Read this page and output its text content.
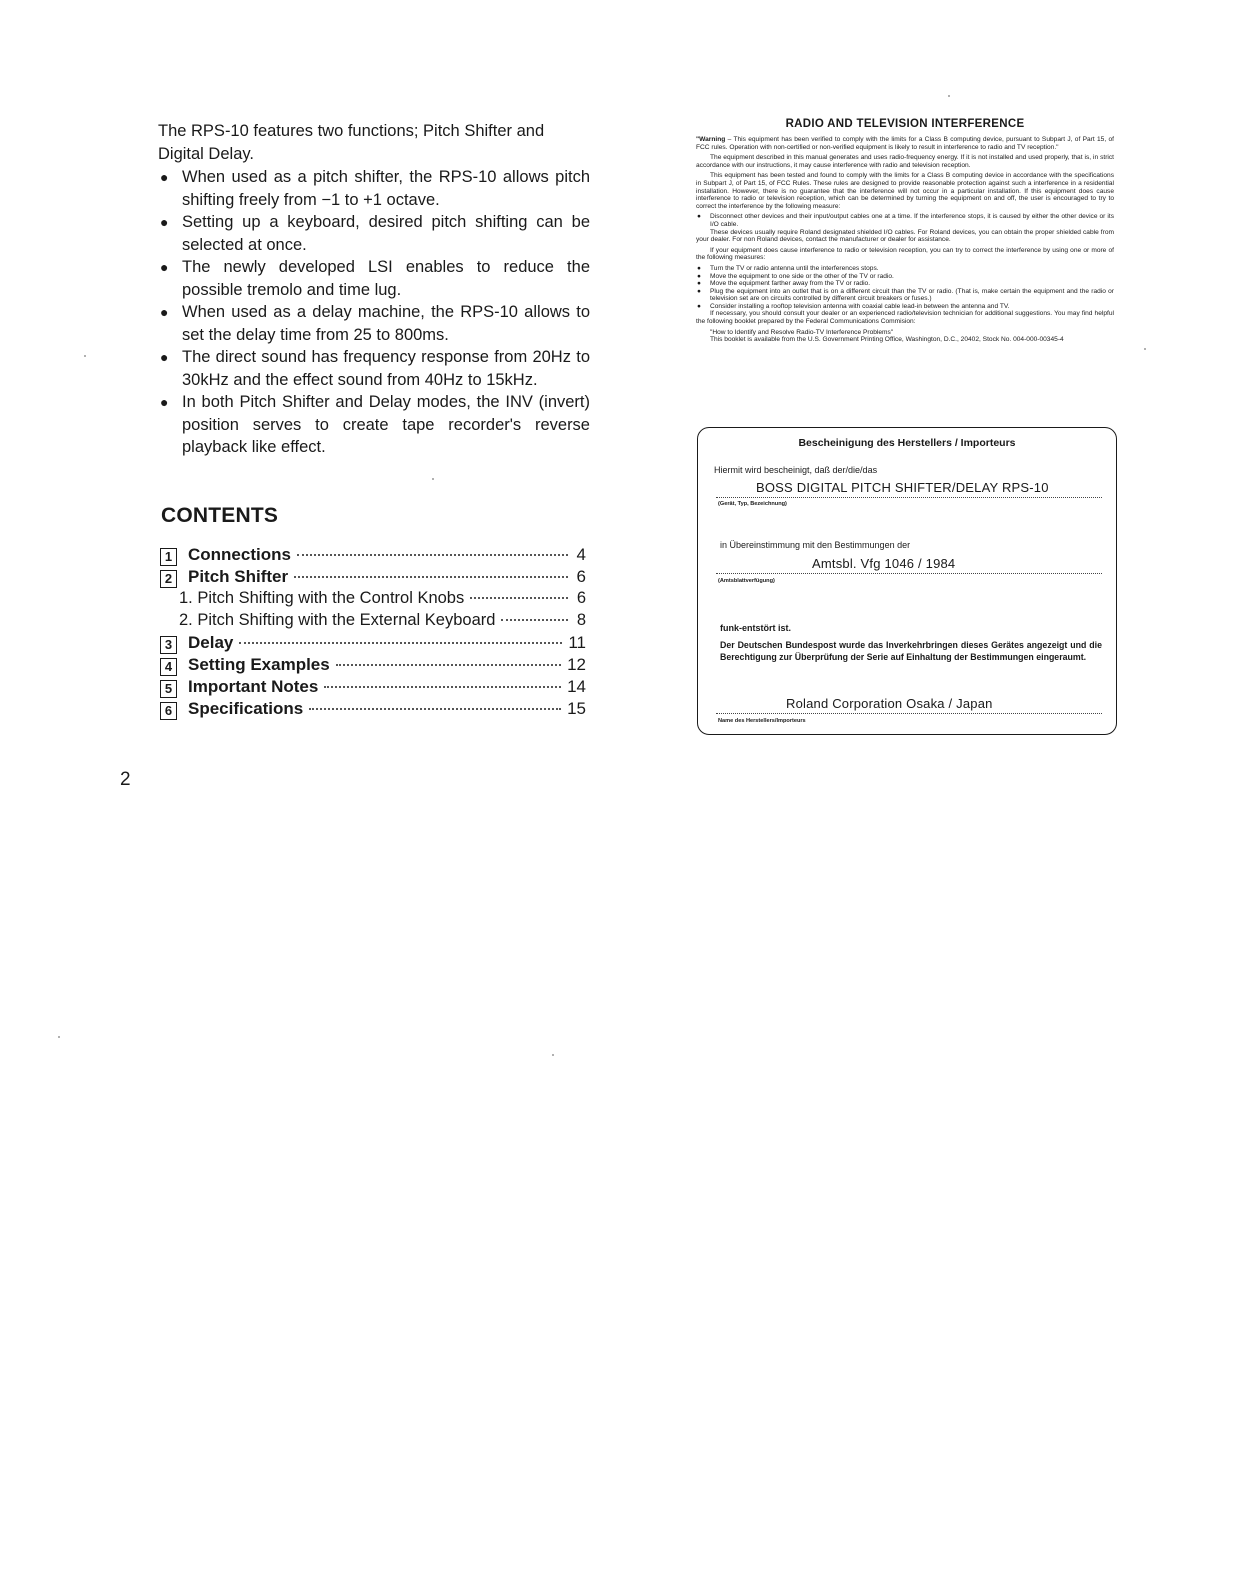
The RPS-10 features two functions; Pitch Shifter and Digital Delay.

● When used as a pitch shifter, the RPS-10 allows pitch shifting freely from −1 to +1 octave.
● Setting up a keyboard, desired pitch shifting can be selected at once.
● The newly developed LSI enables to reduce the possible tremolo and time lug.
● When used as a delay machine, the RPS-10 allows to set the delay time from 25 to 800ms.
● The direct sound has frequency response from 20Hz to 30kHz and the effect sound from 40Hz to 15kHz.
● In both Pitch Shifter and Delay modes, the INV (invert) position serves to create tape recorder's reverse playback like effect.
CONTENTS
1 Connections	4
2 Pitch Shifter	6
1. Pitch Shifting with the Control Knobs	6
2. Pitch Shifting with the External Keyboard	8
3 Delay	11
4 Setting Examples	12
5 Important Notes	14
6 Specifications	15
2
RADIO AND TELEVISION INTERFERENCE

"Warning – This equipment has been verified to comply with the limits for a Class B computing device, pursuant to Subpart J, of Part 15, of FCC rules. Operation with non-certified or non-verified equipment is likely to result in interference to radio and TV reception."

The equipment described in this manual generates and uses radio-frequency energy. If it is not installed and used properly, that is, in strict accordance with our instructions, it may cause interference with radio and television reception.

This equipment has been tested and found to comply with the limits for a Class B computing device in accordance with the specifications in Subpart J, of Part 15, of FCC Rules. These rules are designed to provide reasonable protection against such a interference in a residential installation. However, there is no guarantee that the interference will not occur in a particular installation. If this equipment does cause interference to radio or television reception, which can be determined by turning the equipment on and off, the user is encouraged to try to correct the interference by the following measure:

● Disconnect other devices and their input/output cables one at a time. If the interference stops, it is caused by either the other device or its I/O cable.

These devices usually require Roland designated shielded I/O cables. For Roland devices, you can obtain the proper shielded cable from your dealer. For non Roland devices, contact the manufacturer or dealer for assistance.

If your equipment does cause interference to radio or television reception, you can try to correct the interference by using one or more of the following measures:

● Turn the TV or radio antenna until the interferences stops.
● Move the equipment to one side or the other of the TV or radio.
● Move the equipment farther away from the TV or radio.
● Plug the equipment into an outlet that is on a different circuit than the TV or radio. (That is, make certain the equipment and the radio or television set are on circuits controlled by different circuit breakers or fuses.)
● Consider installing a rooftop television antenna with coaxial cable lead-in between the antenna and TV.

If necessary, you should consult your dealer or an experienced radio/television technician for additional suggestions. You may find helpful the following booklet prepared by the Federal Communications Commision:

"How to Identify and Resolve Radio-TV Interference Problems"

This booklet is available from the U.S. Government Printing Office, Washington, D.C., 20402, Stock No. 004-000-00345-4

Bescheinigung des Herstellers / Importeurs
Hiermit wird bescheinigt, daß der/die/das
BOSS DIGITAL PITCH SHIFTER/DELAY RPS-10
(Gerät, Typ, Bezeichnung)
in Übereinstimmung mit den Bestimmungen der
Amtsbl. Vfg 1046 / 1984
(Amtsblattverfügung)
funk-entstört ist.
Der Deutschen Bundespost wurde das Inverkehrbringen dieses Gerätes angezeigt und die Berechtigung zur Überprüfung der Serie auf Einhaltung der Bestimmungen eingeraumt.
Roland Corporation Osaka / Japan
Name des Herstellers/Importeurs
